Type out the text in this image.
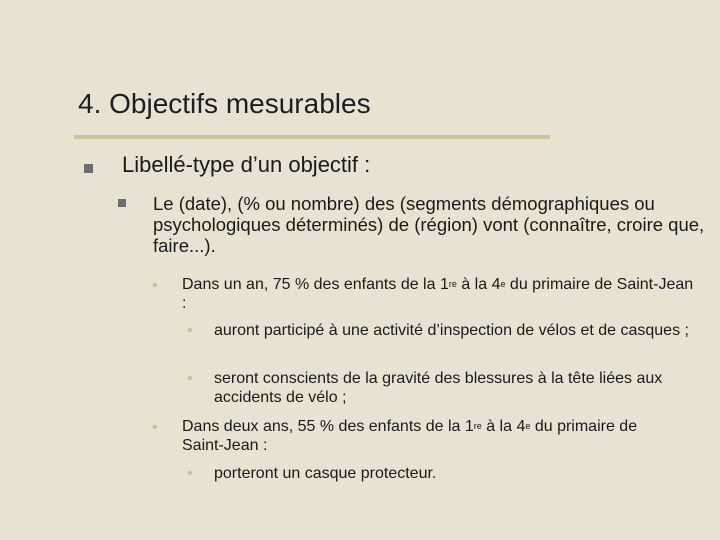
4. Objectifs mesurables
Libellé-type d’un objectif :
Le (date), (% ou nombre) des (segments démographiques ou psychologiques déterminés) de (région) vont (connaître, croire que, faire...).
• Dans un an, 75 % des enfants de la 1re à la 4e du primaire de Saint-Jean :
• auront participé à une activité d’inspection de vélos et de casques ;
• seront conscients de la gravité des blessures à la tête liées aux accidents de vélo ;
• Dans deux ans, 55 % des enfants de la 1re à la 4e du primaire de Saint-Jean :
• porteront un casque protecteur.
